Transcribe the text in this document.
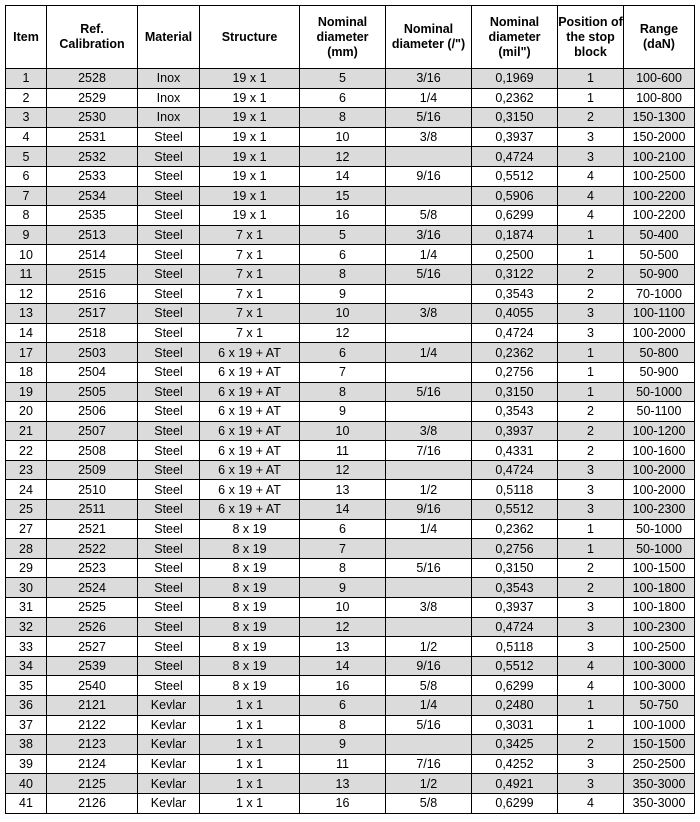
Item	Ref. Calibration	Material	Structure	Nominal diameter (mm)	Nominal diameter (/")	Nominal diameter (mil")	Position of the stop block	Range (daN)
1	2528	Inox	19 x 1	5	3/16	0,1969	1	100-600
2	2529	Inox	19 x 1	6	1/4	0,2362	1	100-800
3	2530	Inox	19 x 1	8	5/16	0,3150	2	150-1300
4	2531	Steel	19 x 1	10	3/8	0,3937	3	150-2000
5	2532	Steel	19 x 1	12		0,4724	3	100-2100
6	2533	Steel	19 x 1	14	9/16	0,5512	4	100-2500
7	2534	Steel	19 x 1	15		0,5906	4	100-2200
8	2535	Steel	19 x 1	16	5/8	0,6299	4	100-2200
9	2513	Steel	7 x 1	5	3/16	0,1874	1	50-400
10	2514	Steel	7 x 1	6	1/4	0,2500	1	50-500
11	2515	Steel	7 x 1	8	5/16	0,3122	2	50-900
12	2516	Steel	7 x 1	9		0,3543	2	70-1000
13	2517	Steel	7 x 1	10	3/8	0,4055	3	100-1100
14	2518	Steel	7 x 1	12		0,4724	3	100-2000
17	2503	Steel	6 x 19 + AT	6	1/4	0,2362	1	50-800
18	2504	Steel	6 x 19 + AT	7		0,2756	1	50-900
19	2505	Steel	6 x 19 + AT	8	5/16	0,3150	1	50-1000
20	2506	Steel	6 x 19 + AT	9		0,3543	2	50-1100
21	2507	Steel	6 x 19 + AT	10	3/8	0,3937	2	100-1200
22	2508	Steel	6 x 19 + AT	11	7/16	0,4331	2	100-1600
23	2509	Steel	6 x 19 + AT	12		0,4724	3	100-2000
24	2510	Steel	6 x 19 + AT	13	1/2	0,5118	3	100-2000
25	2511	Steel	6 x 19 + AT	14	9/16	0,5512	3	100-2300
27	2521	Steel	8 x 19	6	1/4	0,2362	1	50-1000
28	2522	Steel	8 x 19	7		0,2756	1	50-1000
29	2523	Steel	8 x 19	8	5/16	0,3150	2	100-1500
30	2524	Steel	8 x 19	9		0,3543	2	100-1800
31	2525	Steel	8 x 19	10	3/8	0,3937	3	100-1800
32	2526	Steel	8 x 19	12		0,4724	3	100-2300
33	2527	Steel	8 x 19	13	1/2	0,5118	3	100-2500
34	2539	Steel	8 x 19	14	9/16	0,5512	4	100-3000
35	2540	Steel	8 x 19	16	5/8	0,6299	4	100-3000
36	2121	Kevlar	1 x 1	6	1/4	0,2480	1	50-750
37	2122	Kevlar	1 x 1	8	5/16	0,3031	1	100-1000
38	2123	Kevlar	1 x 1	9		0,3425	2	150-1500
39	2124	Kevlar	1 x 1	11	7/16	0,4252	3	250-2500
40	2125	Kevlar	1 x 1	13	1/2	0,4921	3	350-3000
41	2126	Kevlar	1 x 1	16	5/8	0,6299	4	350-3000
